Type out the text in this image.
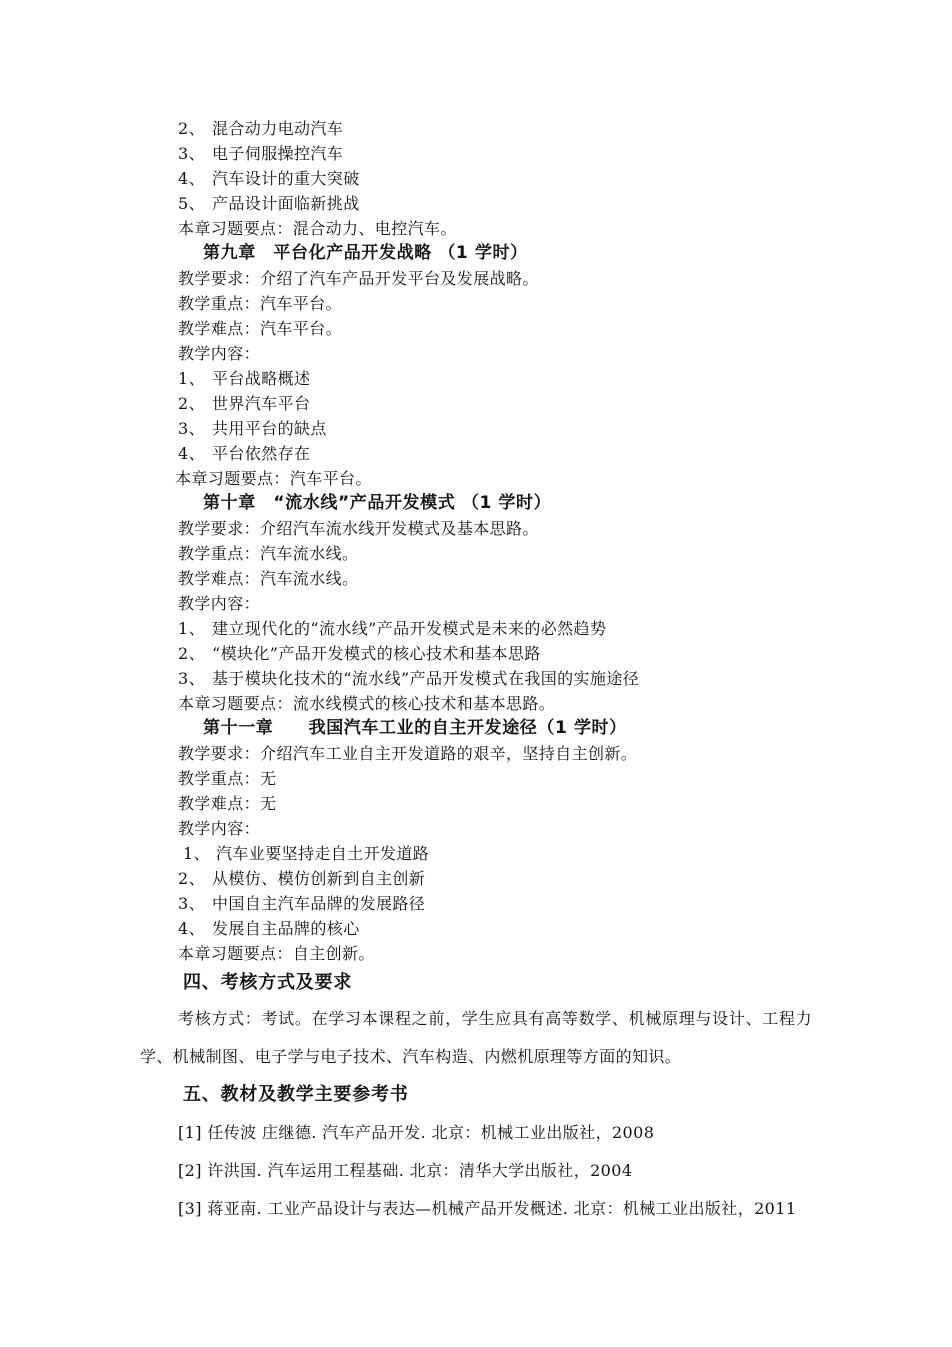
2、 混合动力电动汽车
3、 电子伺服操控汽车
4、 汽车设计的重大突破
5、 产品设计面临新挑战
本章习题要点：混合动力、电控汽车。
第九章　平台化产品开发战略 （1 学时）
教学要求：介绍了汽车产品开发平台及发展战略。
教学重点：汽车平台。
教学难点：汽车平台。
教学内容：
1、 平台战略概述
2、 世界汽车平台
3、 共用平台的缺点
4、 平台依然存在
本章习题要点：汽车平台。
第十章　“流水线”产品开发模式 （1 学时）
教学要求：介绍汽车流水线开发模式及基本思路。
教学重点：汽车流水线。
教学难点：汽车流水线。
教学内容：
1、 建立现代化的“流水线”产品开发模式是未来的必然趋势
2、 “模块化”产品开发模式的核心技术和基本思路
3、 基于模块化技术的“流水线”产品开发模式在我国的实施途径
本章习题要点：流水线模式的核心技术和基本思路。
第十一章　　我国汽车工业的自主开发途径（1 学时）
教学要求：介绍汽车工业自主开发道路的艰辛，坚持自主创新。
教学重点：无
教学难点：无
教学内容：
1、 汽车业要坚持走自土开发道路
2、 从模仿、模仿创新到自主创新
3、 中国自主汽车品牌的发展路径
4、 发展自主品牌的核心
本章习题要点：自主创新。
四、考核方式及要求
考核方式：考试。在学习本课程之前，学生应具有高等数学、机械原理与设计、工程力
学、机械制图、电子学与电子技术、汽车构造、内燃机原理等方面的知识。
五、教材及教学主要参考书
[1] 任传波 庄继德. 汽车产品开发. 北京：机械工业出版社，2008
[2] 许洪国. 汽车运用工程基础. 北京：清华大学出版社，2004
[3] 蒋亚南. 工业产品设计与表达—机械产品开发概述. 北京：机械工业出版社，2011
